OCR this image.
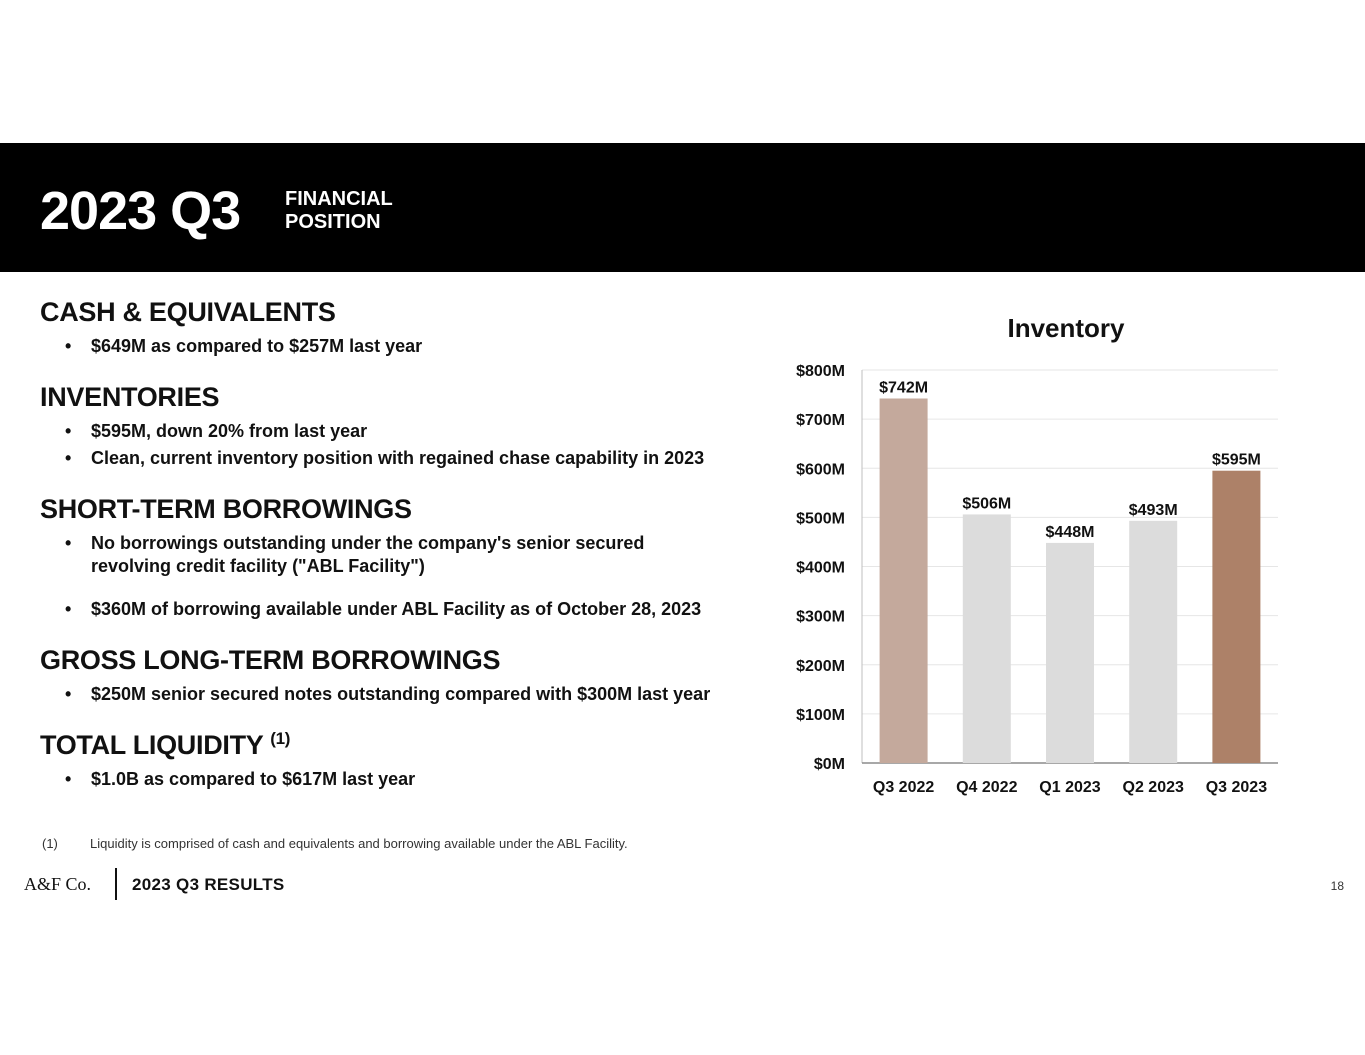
2023 Q3 FINANCIAL
POSITION
CASH & EQUIVALENTS
• $649M as compared to $257M last year
INVENTORIES
• $595M, down 20% from last year
• Clean, current inventory position with regained chase capability in 2023
SHORT-TERM BORROWINGS
• No borrowings outstanding under the company's senior secured revolving credit facility ("ABL Facility")
• $360M of borrowing available under ABL Facility as of October 28, 2023
GROSS LONG-TERM BORROWINGS
• $250M senior secured notes outstanding compared with $300M last year
TOTAL LIQUIDITY $^{(1)}$
• $1.0B as compared to $617M last year
Inventory
$0M
$100M
$200M
$300M
$400M
$500M
$600M
$700M
$800M
$742M
Q3 2022
$506M
Q4 2022
$448M
Q1 2023
$493M
Q2 2023
$595M
Q3 2023
(1) Liquidity is comprised of cash and equivalents and borrowing available under the ABL Facility.
A&F Co. 2023 Q3 RESULTS	18
